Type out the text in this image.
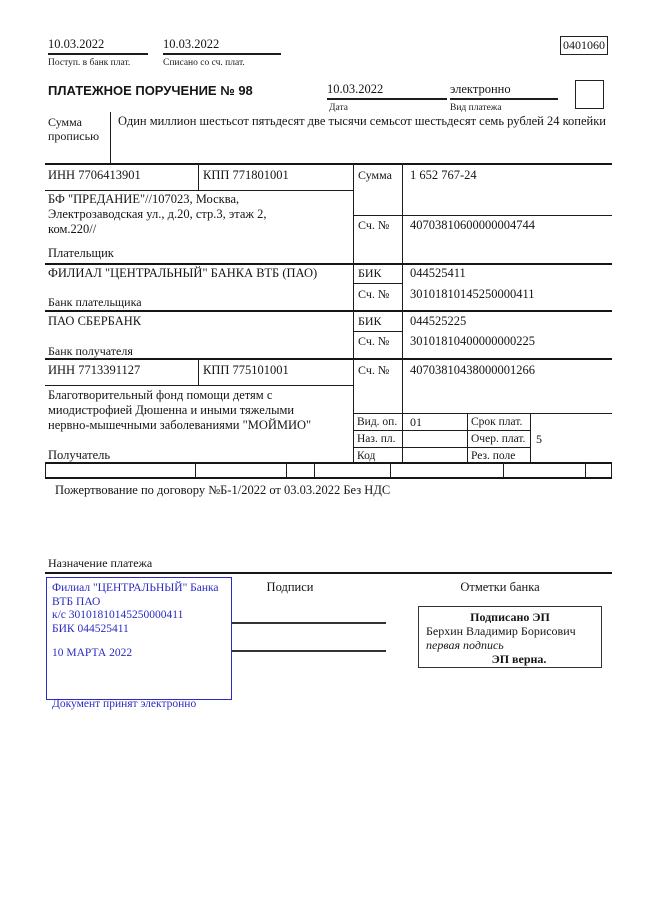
10.03.2022
Поступ. в банк плат.
10.03.2022
Списано со сч. плат.
0401060
ПЛАТЕЖНОЕ ПОРУЧЕНИЕ № 98	10.03.2022
Дата
электронно
Вид платежа
Сумма прописью
Один миллион шестьсот пятьдесят две тысячи семьсот шестьдесят семь рублей 24 копейки
ИНН 7706413901	КПП 771801001	Сумма 1 652 767-24
БФ "ПРЕДАНИЕ"//107023, Москва, Электрозаводская ул., д.20, стр.3, этаж 2, ком.220//	Сч. № 40703810600000004744
Плательщик
ФИЛИАЛ "ЦЕНТРАЛЬНЫЙ" БАНКА ВТБ (ПАО)	БИК 044525411
Сч. № 30101810145250000411
Банк плательщика
ПАО СБЕРБАНК	БИК 044525225
Сч. № 30101810400000000225
Банк получателя
ИНН 7713391127	КПП 775101001	Сч. № 40703810438000001266
Благотворительный фонд помощи детям с миодистрофией Дюшенна и иными тяжелыми нервно-мышечными заболеваниями "МОЙМИО"
Получатель
Вид. оп. 01	Срок плат.
Наз. пл.	Очер. плат. 5
Код	Рез. поле
Пожертвование по договору №Б-1/2022 от 03.03.2022 Без НДС
Назначение платежа
Филиал "ЦЕНТРАЛЬНЫЙ" Банка ВТБ ПАО
к/с 30101810145250000411
БИК 044525411
10 МАРТА 2022
Документ принят электронно
Подписи	Отметки банка
Подписано ЭП
Берхин Владимир Борисович
первая подпись
ЭП верна.
